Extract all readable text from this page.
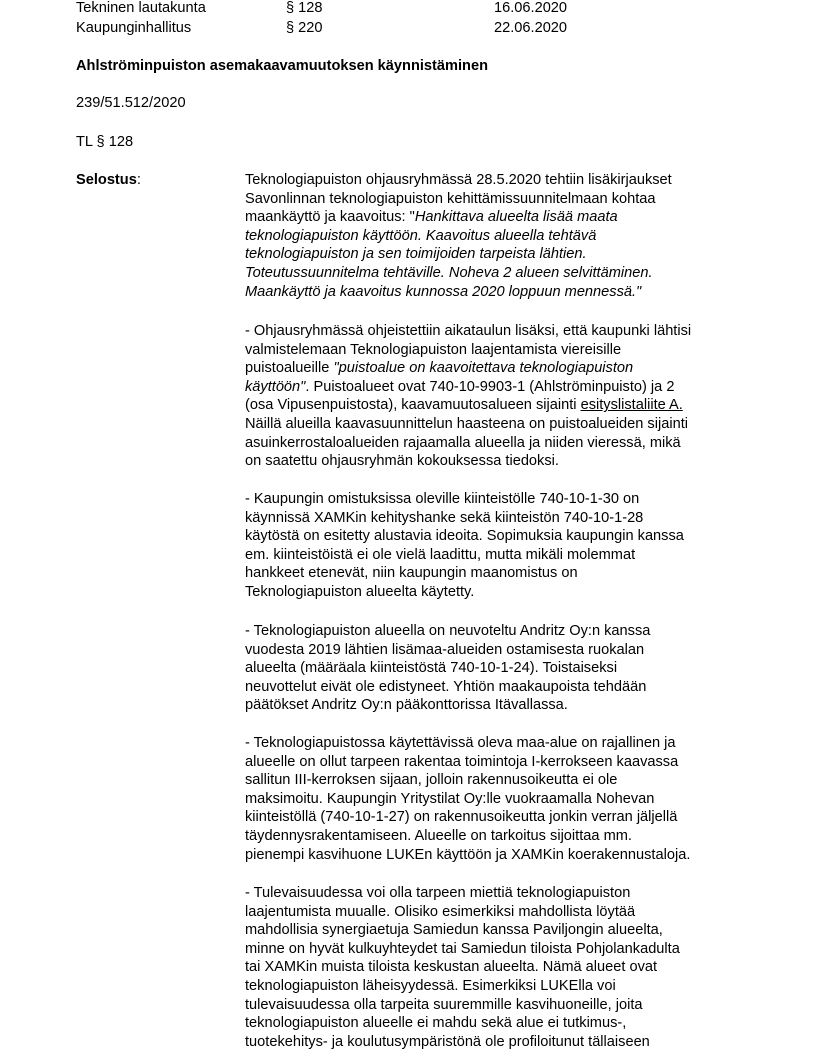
Tekninen lautakunta	§ 128	16.06.2020
Kaupunginhallitus	§ 220	22.06.2020
Ahlströminpuiston asemakaavamuutoksen käynnistäminen
239/51.512/2020
TL § 128
Selostus:	Teknologiapuiston ohjausryhmässä 28.5.2020 tehtiin lisäkirjaukset
Savonlinnan teknologiapuiston kehittämissuunnitelmaan kohtaa
maankäyttö ja kaavoitus: "Hankittava alueelta lisää maata
teknologiapuiston käyttöön. Kaavoitus alueella tehtävä
teknologiapuiston ja sen toimijoiden tarpeista lähtien.
Toteutussuunnitelma tehtäville. Noheva 2 alueen selvittäminen.
Maankäyttö ja kaavoitus kunnossa 2020 loppuun mennessä."
- Ohjausryhmässä ohjeistettiin aikataulun lisäksi, että kaupunki lähtisi
valmistelemaan Teknologiapuiston laajentamista viereisille
puistoalueille "puistoalue on kaavoitettava teknologiapuiston
käyttöön". Puistoalueet ovat 740-10-9903-1 (Ahlströminpuisto) ja 2
(osa Vipusenpuistosta), kaavamuutosalueen sijainti esityslistaliite A.
Näillä alueilla kaavasuunnittelun haasteena on puistoalueiden sijainti
asuinkerrostaloalueiden rajaamalla alueella ja niiden vieressä, mikä
on saatettu ohjausryhmän kokouksessa tiedoksi.
- Kaupungin omistuksissa oleville kiinteistölle 740-10-1-30 on
käynnissä XAMKin kehityshanke sekä kiinteistön 740-10-1-28
käytöstä on esitetty alustavia ideoita. Sopimuksia kaupungin kanssa
em. kiinteistöistä ei ole vielä laadittu, mutta mikäli molemmat
hankkeet etenevät, niin kaupungin maanomistus on
Teknologiapuiston alueelta käytetty.
- Teknologiapuiston alueella on neuvoteltu Andritz Oy:n kanssa
vuodesta 2019 lähtien lisämaa-alueiden ostamisesta ruokalan
alueelta (määräala kiinteistöstä 740-10-1-24). Toistaiseksi
neuvottelut eivät ole edistyneet. Yhtiön maakaupoista tehdään
päätökset Andritz Oy:n pääkonttorissa Itävallassa.
- Teknologiapuistossa käytettävissä oleva maa-alue on rajallinen ja
alueelle on ollut tarpeen rakentaa toimintoja I-kerrokseen kaavassa
sallitun III-kerroksen sijaan, jolloin rakennusoikeutta ei ole
maksimoitu. Kaupungin Yritystilat Oy:lle vuokraamalla Nohevan
kiinteistöllä (740-10-1-27) on rakennusoikeutta jonkin verran jäljellä
täydennysrakentamiseen. Alueelle on tarkoitus sijoittaa mm.
pienempi kasvihuone LUKEn käyttöön ja XAMKin koerakennustaloja.
- Tulevaisuudessa voi olla tarpeen miettiä teknologiapuiston
laajentumista muualle. Olisiko esimerkiksi mahdollista löytää
mahdollisia synergiaetuja Samiedun kanssa Paviljongin alueelta,
minne on hyvät kulkuyhteydet tai Samiedun tiloista Pohjolankadulta
tai XAMKin muista tiloista keskustan alueelta. Nämä alueet ovat
teknologiapuiston läheisyydessä. Esimerkiksi LUKElla voi
tulevaisuudessa olla tarpeita suuremmille kasvihuoneille, joita
teknologiapuiston alueelle ei mahdu sekä alue ei tutkimus-,
tuotekehitys- ja koulutusympäristönä ole profiloitunut tällaiseen
